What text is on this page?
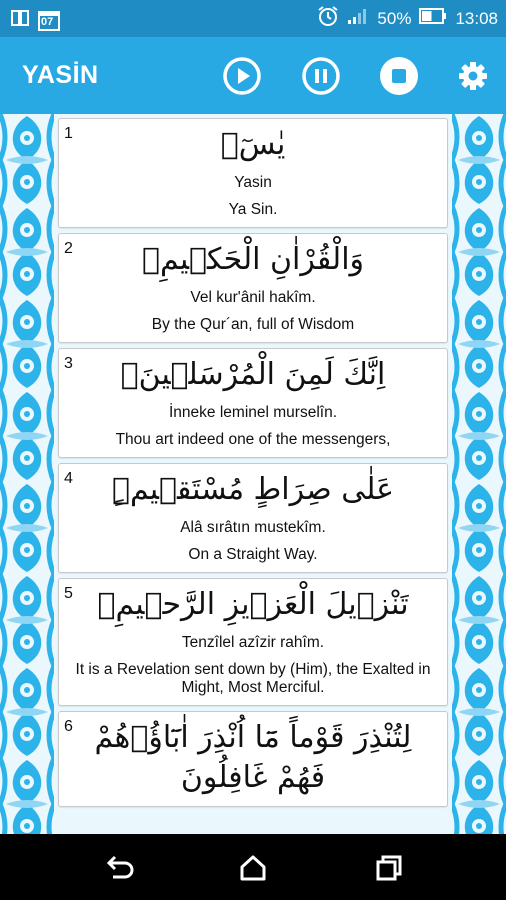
07	50%	13:08
YASİN
1	يٰسٓۚ
Yasin
Ya Sin.
2	وَالْقُرْاٰنِ الْحَك۪يمِۙ
Vel kur'ânil hakîm.
By the Qur´an, full of Wisdom
3	اِنَّكَ لَمِنَ الْمُرْسَل۪ينَۙ
İnneke leminel murselîn.
Thou art indeed one of the messengers,
4	عَلٰى صِرَاطٍ مُسْتَق۪يمٍۜ
Alâ sırâtın mustekîm.
On a Straight Way.
5 تَنْز۪يلَ الْعَز۪يزِ الرَّح۪يمِۙ
Tenzîlel azîzir rahîm.
It is a Revelation sent down by (Him), the Exalted in Might, Most Merciful.
6 لِتُنْذِرَ قَوْماً مَٓا اُنْذِرَ اٰبَٓاؤُ۬هُمْ فَهُمْ غَافِلُونَ
